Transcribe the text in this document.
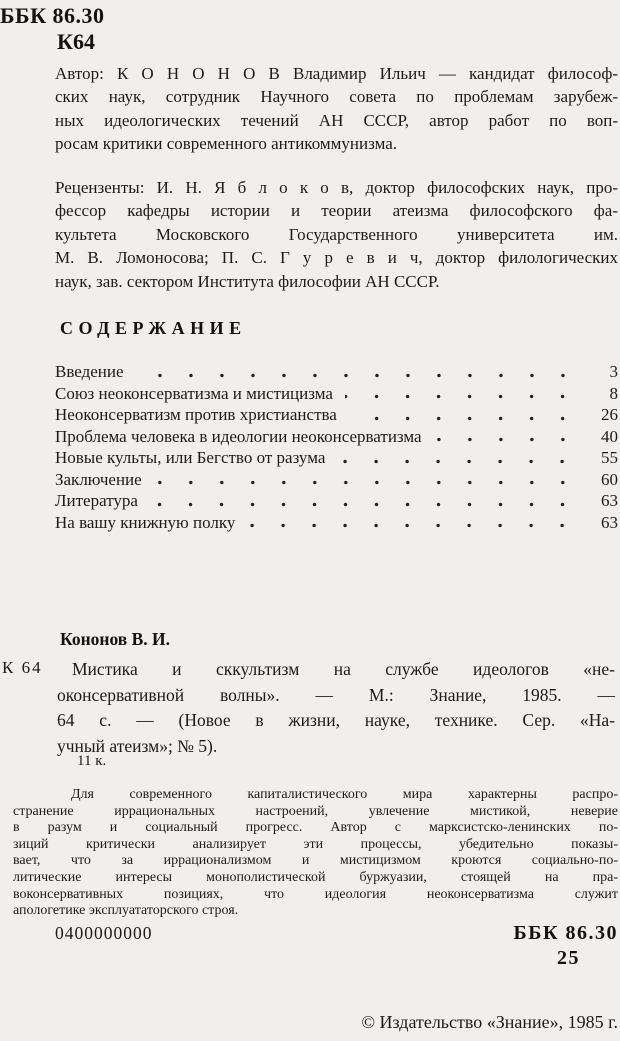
ББК 86.30
К64
Автор: К О Н О Н О В Владимир Ильич — кандидат философ-
ских наук, сотрудник Научного совета по проблемам зарубеж-
ных идеологических течений АН СССР, автор работ по воп-
росам критики современного антикоммунизма.
Рецензенты: И. Н. Я б л о к о в, доктор философских наук, про-
фессор кафедры истории и теории атеизма философского фа-
культета Московского Государственного университета им.
М. В. Ломоносова; П. С. Г у р е в и ч, доктор филологических
наук, зав. сектором Института философии АН СССР.
СОДЕРЖАНИЕ
Введение	3
Союз неоконсерватизма и мистицизма	8
Неоконсерватизм против христианства	26
Проблема человека в идеологии неоконсерватизма	40
Новые культы, или Бегство от разума	55
Заключение	60
Литература	63
На вашу книжную полку	63
Кононов В. И.
К 64	Мистика и сккультизм на службе идеологов «не-
оконсервативной волны». — М.: Знание, 1985. —
64 с. — (Новое в жизни, науке, технике. Сер. «На-
учный атеизм»; № 5).
11 к.
Для современного капиталистического мира характерны распро-
странение иррациональных настроений, увлечение мистикой, неверие
в разум и социальный прогресс. Автор с марксистско-ленинских по-
зиций критически анализирует эти процессы, убедительно показы-
вает, что за иррационализмом и мистицизмом кроются социально-по-
литические интересы монополистической буржуазии, стоящей на пра-
воконсервативных позициях, что идеология неоконсерватизма служит
апологетике эксплуататорского строя.
0400000000	ББК 86.30
25
© Издательство «Знание», 1985 г.
